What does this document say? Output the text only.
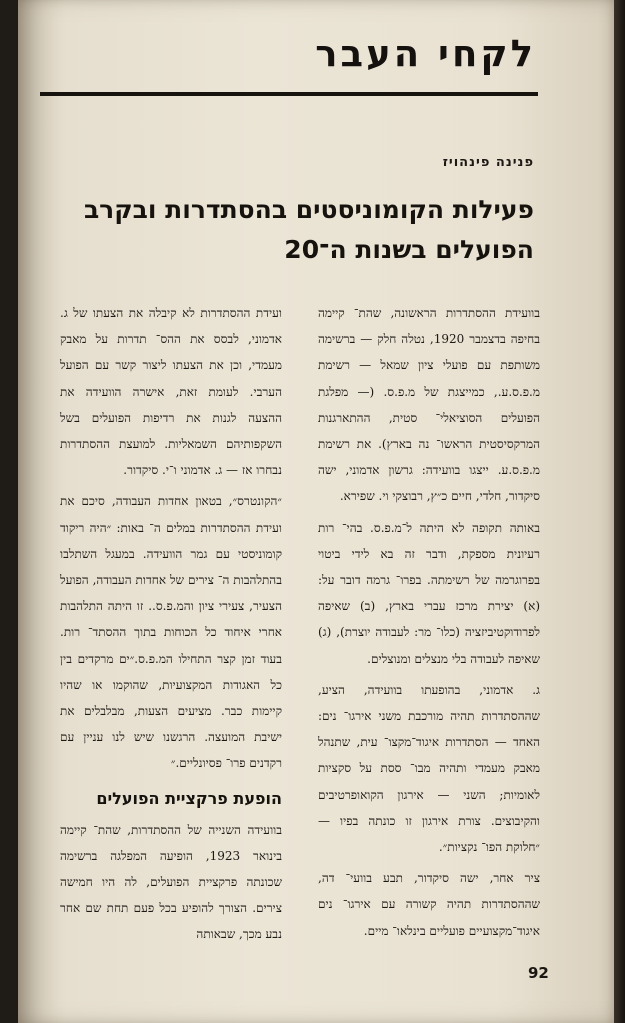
לקחי העבר
פנינה פינהויז
פעילות הקומוניסטים בהסתדרות ובקרב הפועלים בשנות ה־20

בוועידת ההסתדרות הראשונה, שהת־ קיימה בחיפה בדצמבר 1920, נטלה חלק — ברשימה משותפת עם פועלי ציון שמאל — רשימת מ.פ.ס.ע., כמייצגת של מ.פ.ס. (— מפלגת הפועלים הסוציאלי־ סטית, ההתארגנות המרקסיסטית הראשו־ נה בארץ). את רשימת מ.פ.ס.ע. ייצגו בוועידה: גרשון אדמוני, ישה סיקדור, חלדי, חיים כ״ץ, רבוצקי וי. שפירא.

באותה תקופה לא היתה ל־מ.פ.ס. בהי־ רות רעיונית מספקת, ודבר זה בא לידי ביטוי בפרוגרמה של רשימתה. בפרו־ גרמה דובר על: (א) יצירת מרכז עברי בארץ, (ב) שאיפה לפרודוקטיביזציה (כלו־ מר: לעבודה יוצרת), (ג) שאיפה לעבודה בלי מנצלים ומנוצלים.

ג. אדמוני, בהופעתו בוועידה, הציע, שההסתדרות תהיה מורכבת משני אירגו־ נים: האחד — הסתדרות איגוד־מקצו־ עית, שתנהל מאבק מעמדי ותהיה מבו־ ססת על סקציות לאומיות; השני — אירגון הקואופרטיבים והקיבוצים. צורת אירגון זו כונתה בפיו — ״חלוקת הפו־ נקציות״.

ציר אחר, ישה סיקדור, תבע בוועי־ דה, שההסתדרות תהיה קשורה עם אירגו־ נים איגוד־מקצועיים פועליים בינלאו־ מיים.

ועידת ההסתדרות לא קיבלה את הצעתו של ג. אדמוני, לבסס את ההס־ תדרות על מאבק מעמדי, וכן את הצעתו ליצור קשר עם הפועל הערבי. לעומת זאת, אישרה הוועידה את ההצעה לגנות את רדיפות הפועלים בשל השקפותיהם השמאליות. למועצת ההסתדרות נבחרו אז — ג. אדמוני ו־י. סיקדור.

״הקונטרס״, בטאון אחדות העבודה, סיכם את ועידת ההסתדרות במלים ה־ באות: ״היה ריקוד קומוניסטי עם גמר הוועידה. במעגל השתלבו בהתלהבות ה־ צירים של אחדות העבודה, הפועל הצעיר, צעירי ציון והמ.פ.ס.. זו היתה התלהבות אחרי איחוד כל הכוחות בתוך ההסתד־ רות. בעוד זמן קצר התחילו המ.פ.ס.״ים מרקדים בין כל האגודות המקצועיות, שהוקמו או שהיו קיימות כבר. מציעים הצעות, מבלבלים את ישיבת המועצה. הרגשנו שיש לנו עניין עם רקדנים פרו־ פסיונליים.״

הופעת פרקציית הפועלים

בוועידה השנייה של ההסתדרות, שהת־ קיימה בינואר 1923, הופיעה המפלגה ברשימה שכונתה פרקציית הפועלים, לה היו חמישה צירים. הצורך להופיע בכל פעם תחת שם אחר נבע מכך, שבאותה

92
